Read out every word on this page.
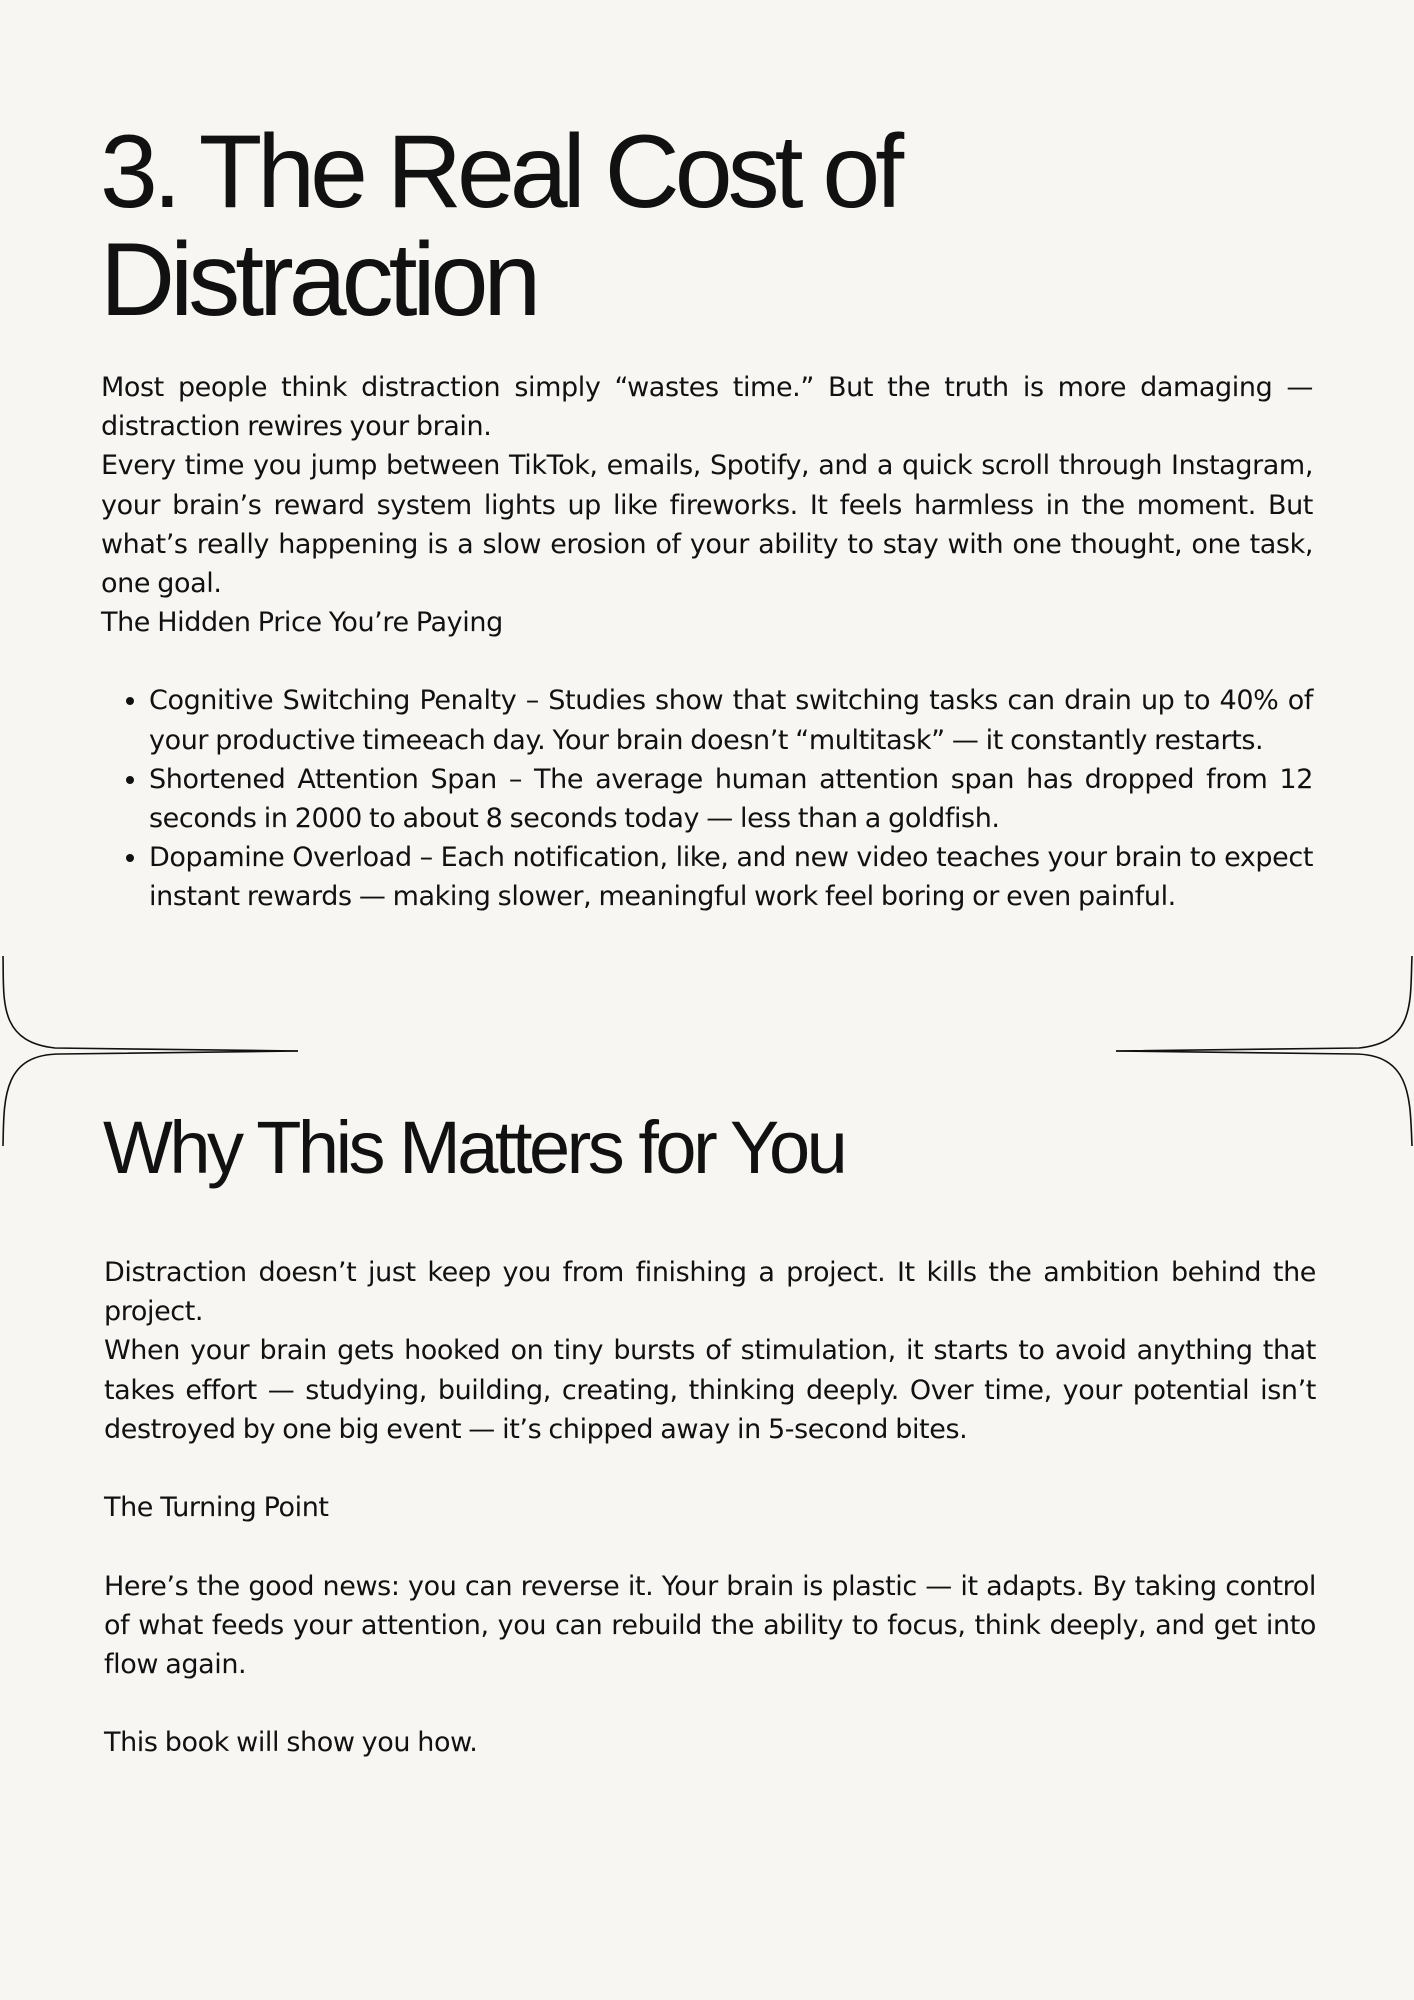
3. The Real Cost of
Distraction

Most people think distraction simply “wastes time.” But the truth is more damaging — distraction rewires your brain.

Every time you jump between TikTok, emails, Spotify, and a quick scroll through Instagram, your brain’s reward system lights up like fireworks. It feels harmless in the moment. But what’s really happening is a slow erosion of your ability to stay with one thought, one task, one goal.

The Hidden Price You’re Paying
• Cognitive Switching Penalty – Studies show that switching tasks can drain up to 40% of your productive timeeach day. Your brain doesn’t “multitask” — it constantly restarts.
• Shortened Attention Span – The average human attention span has dropped from 12 seconds in 2000 to about 8 seconds today — less than a goldfish.
• Dopamine Overload – Each notification, like, and new video teaches your brain to expect instant rewards — making slower, meaningful work feel boring or even painful.
Why This Matters for You

Distraction doesn’t just keep you from finishing a project. It kills the ambition behind the project.

When your brain gets hooked on tiny bursts of stimulation, it starts to avoid anything that takes effort — studying, building, creating, thinking deeply. Over time, your potential isn’t destroyed by one big event — it’s chipped away in 5-second bites.

The Turning Point

Here’s the good news: you can reverse it. Your brain is plastic — it adapts. By taking control of what feeds your attention, you can rebuild the ability to focus, think deeply, and get into flow again.

This book will show you how.
